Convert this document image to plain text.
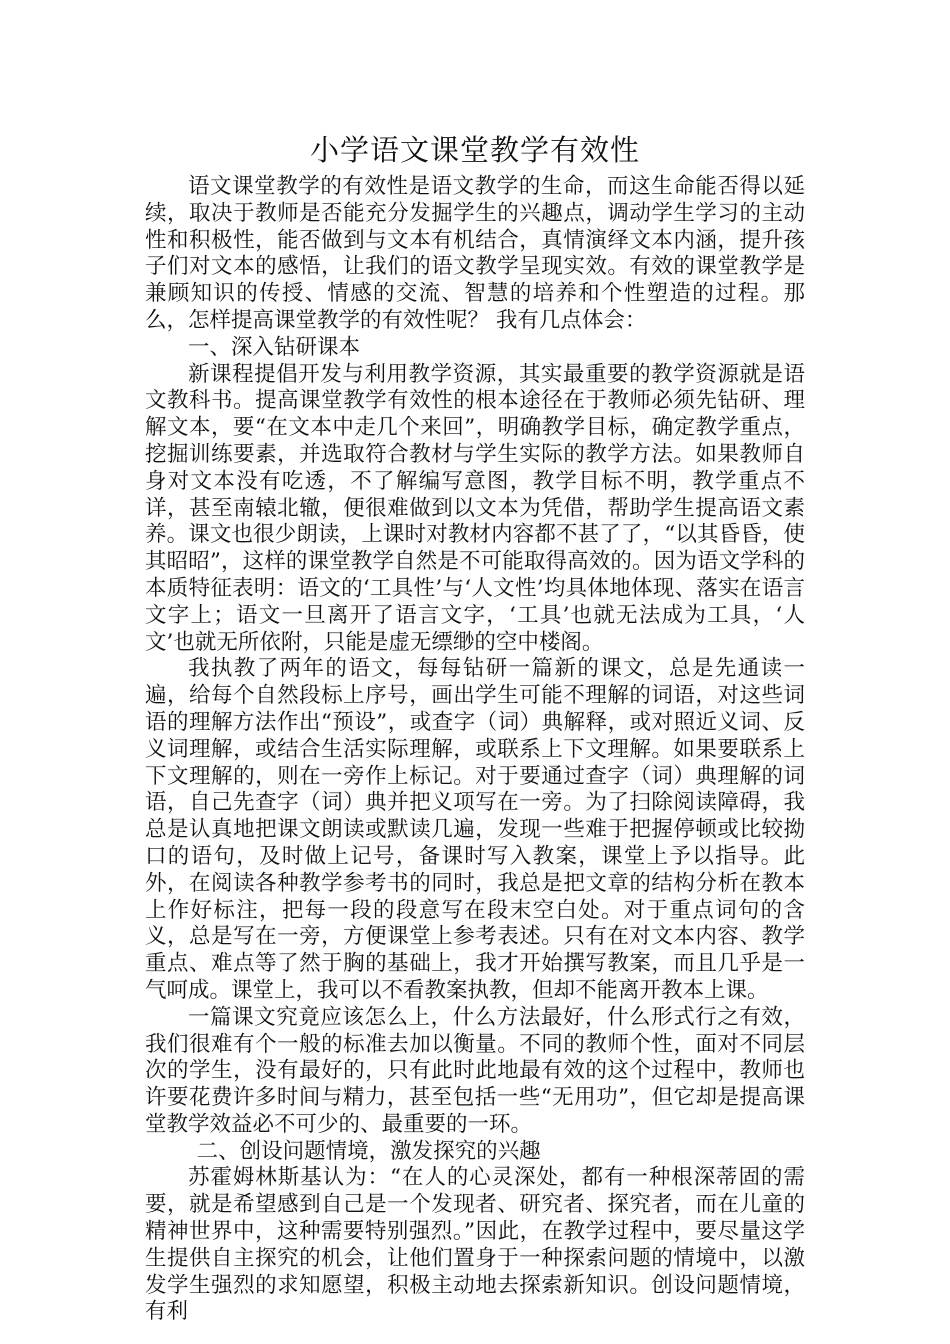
小学语文课堂教学有效性

语文课堂教学的有效性是语文教学的生命，而这生命能否得以延续，取决于教师是否能充分发掘学生的兴趣点，调动学生学习的主动性和积极性，能否做到与文本有机结合，真情演绎文本内涵，提升孩子们对文本的感悟，让我们的语文教学呈现实效。有效的课堂教学是兼顾知识的传授、情感的交流、智慧的培养和个性塑造的过程。那么，怎样提高课堂教学的有效性呢？ 我有几点体会：

一、深入钻研课本

新课程提倡开发与利用教学资源，其实最重要的教学资源就是语文教科书。提高课堂教学有效性的根本途径在于教师必须先钻研、理解文本，要“在文本中走几个来回”，明确教学目标，确定教学重点，挖掘训练要素，并选取符合教材与学生实际的教学方法。如果教师自身对文本没有吃透，不了解编写意图，教学目标不明，教学重点不详，甚至南辕北辙，便很难做到以文本为凭借，帮助学生提高语文素养。课文也很少朗读，上课时对教材内容都不甚了了，“以其昏昏，使其昭昭”，这样的课堂教学自然是不可能取得高效的。因为语文学科的本质特征表明：语文的‘工具性’与‘人文性’均具体地体现、落实在语言文字上；语文一旦离开了语言文字，‘工具’也就无法成为工具，‘人文’也就无所依附，只能是虚无缥缈的空中楼阁。

我执教了两年的语文，每每钻研一篇新的课文，总是先通读一遍，给每个自然段标上序号，画出学生可能不理解的词语，对这些词语的理解方法作出“预设”，或查字（词）典解释，或对照近义词、反义词理解，或结合生活实际理解，或联系上下文理解。如果要联系上下文理解的，则在一旁作上标记。对于要通过查字（词）典理解的词语，自己先查字（词）典并把义项写在一旁。为了扫除阅读障碍，我总是认真地把课文朗读或默读几遍，发现一些难于把握停顿或比较拗口的语句，及时做上记号，备课时写入教案，课堂上予以指导。此外，在阅读各种教学参考书的同时，我总是把文章的结构分析在教本上作好标注，把每一段的段意写在段末空白处。对于重点词句的含义，总是写在一旁，方便课堂上参考表述。只有在对文本内容、教学重点、难点等了然于胸的基础上，我才开始撰写教案，而且几乎是一气呵成。课堂上，我可以不看教案执教，但却不能离开教本上课。

一篇课文究竟应该怎么上，什么方法最好，什么形式行之有效，我们很难有个一般的标准去加以衡量。不同的教师个性，面对不同层次的学生，没有最好的，只有此时此地最有效的这个过程中，教师也许要花费许多时间与精力，甚至包括一些“无用功”，但它却是提高课堂教学效益必不可少的、最重要的一环。

二、创设问题情境，激发探究的兴趣

苏霍姆林斯基认为：“在人的心灵深处，都有一种根深蒂固的需要，就是希望感到自己是一个发现者、研究者、探究者，而在儿童的精神世界中，这种需要特别强烈。”因此，在教学过程中，要尽量这学生提供自主探究的机会，让他们置身于一种探索问题的情境中，以激发学生强烈的求知愿望，积极主动地去探索新知识。创设问题情境，有利
